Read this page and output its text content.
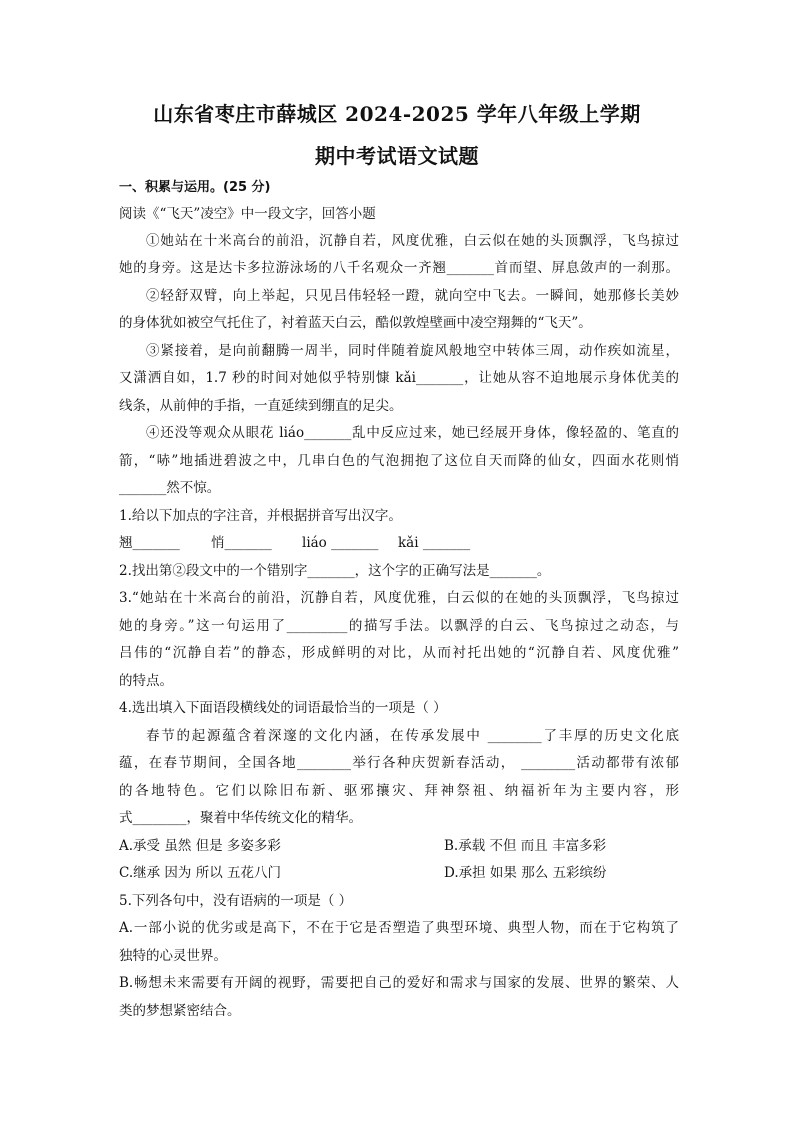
山东省枣庄市薛城区 2024-2025 学年八年级上学期
期中考试语文试题
一、积累与运用。(25 分)
阅读《“飞天”凌空》中一段文字，回答小题
①她站在十米高台的前沿，沉静自若，风度优雅，白云似在她的头顶飘浮，飞鸟掠过
她的身旁。这是达卡多拉游泳场的八千名观众一齐翘_______首而望、屏息敛声的一刹那。
②轻舒双臂，向上举起，只见吕伟轻轻一蹬，就向空中飞去。一瞬间，她那修长美妙
的身体犹如被空气托住了，衬着蓝天白云，酷似敦煌壁画中凌空翔舞的“飞天”。
③紧接着，是向前翻腾一周半，同时伴随着旋风般地空中转体三周，动作疾如流星，
又潇洒自如，1.7 秒的时间对她似乎特别慷 kǎi_______，让她从容不迫地展示身体优美的
线条，从前伸的手指，一直延续到绷直的足尖。
④还没等观众从眼花 liáo_______乱中反应过来，她已经展开身体，像轻盈的、笔直的
箭，“哧”地插进碧波之中，几串白色的气泡拥抱了这位自天而降的仙女，四面水花则悄
_______然不惊。
1.给以下加点的字注音，并根据拼音写出汉字。
翘_______ 悄_______ liáo _______ kǎi _______
2.找出第②段文中的一个错别字_______，这个字的正确写法是_______。
3.“她站在十米高台的前沿，沉静自若，风度优雅，白云似的在她的头顶飘浮，飞鸟掠过
她的身旁。”这一句运用了_________的描写手法。以飘浮的白云、飞鸟掠过之动态，与
吕伟的“沉静自若”的静态，形成鲜明的对比，从而衬托出她的“沉静自若、风度优雅”
的特点。
4.选出填入下面语段横线处的词语最恰当的一项是（ ）
春节的起源蕴含着深邃的文化内涵，在传承发展中 ________了丰厚的历史文化底
蕴，在春节期间，全国各地________举行各种庆贺新春活动， ________活动都带有浓郁
的各地特色。它们以除旧布新、驱邪攘灾、拜神祭祖、纳福祈年为主要内容，形
式________，聚着中华传统文化的精华。
A.承受 虽然 但是 多姿多彩	B.承载 不但 而且 丰富多彩
C.继承 因为 所以 五花八门	D.承担 如果 那么 五彩缤纷
5.下列各句中，没有语病的一项是（ ）
A.一部小说的优劣或是高下，不在于它是否塑造了典型环境、典型人物，而在于它构筑了
独特的心灵世界。
B.畅想未来需要有开阔的视野，需要把自己的爱好和需求与国家的发展、世界的繁荣、人
类的梦想紧密结合。
